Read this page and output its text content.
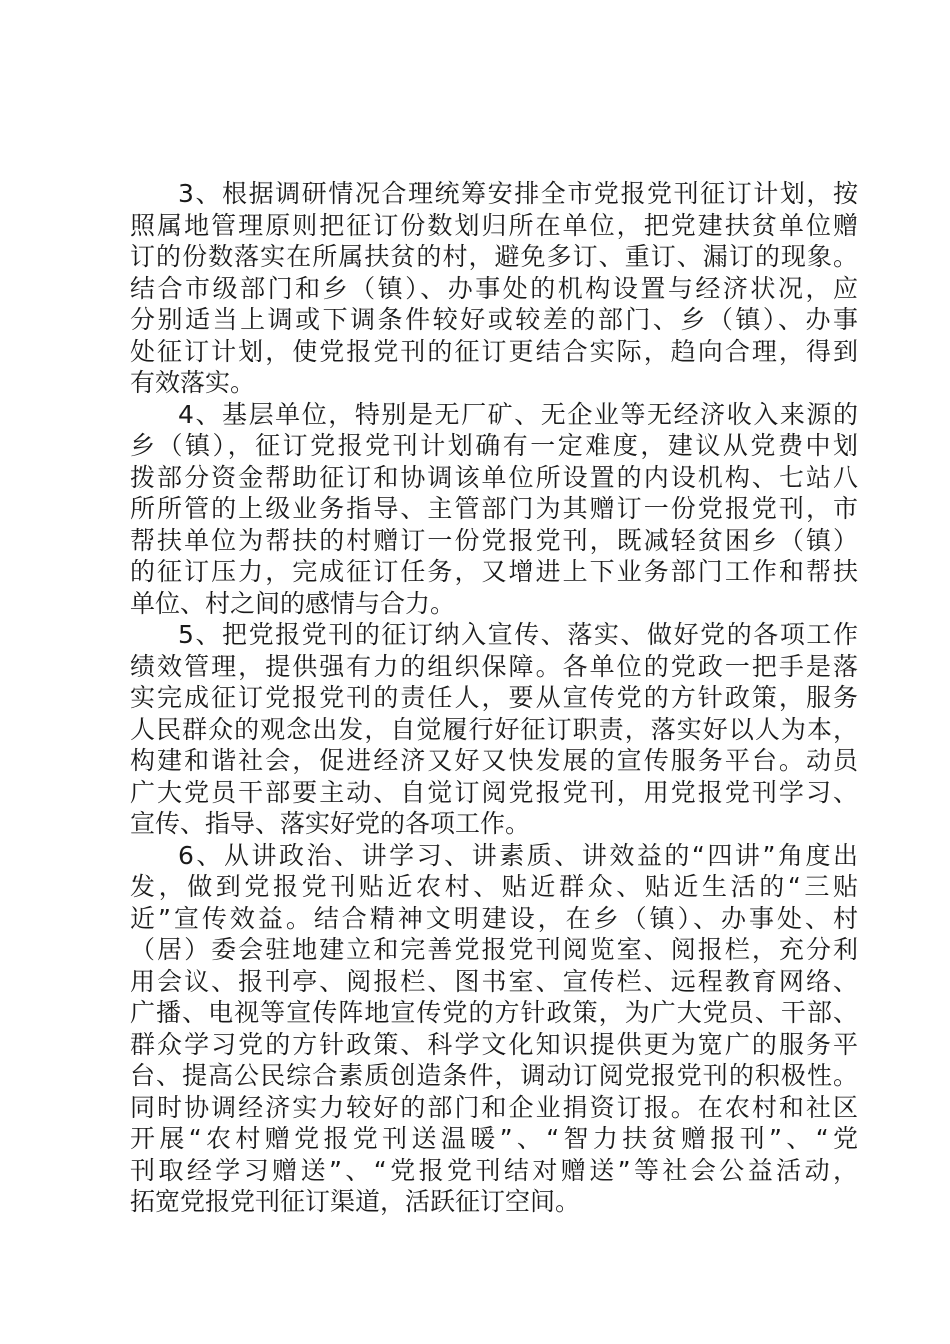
3、根据调研情况合理统筹安排全市党报党刊征订计划，按
照属地管理原则把征订份数划归所在单位，把党建扶贫单位赠
订的份数落实在所属扶贫的村，避免多订、重订、漏订的现象。
结合市级部门和乡（镇）、办事处的机构设置与经济状况，应
分别适当上调或下调条件较好或较差的部门、乡（镇）、办事
处征订计划，使党报党刊的征订更结合实际，趋向合理，得到
有效落实。
4、基层单位，特别是无厂矿、无企业等无经济收入来源的
乡（镇），征订党报党刊计划确有一定难度，建议从党费中划
拨部分资金帮助征订和协调该单位所设置的内设机构、七站八
所所管的上级业务指导、主管部门为其赠订一份党报党刊，市
帮扶单位为帮扶的村赠订一份党报党刊，既减轻贫困乡（镇）
的征订压力，完成征订任务，又增进上下业务部门工作和帮扶
单位、村之间的感情与合力。
5、把党报党刊的征订纳入宣传、落实、做好党的各项工作
绩效管理，提供强有力的组织保障。各单位的党政一把手是落
实完成征订党报党刊的责任人，要从宣传党的方针政策，服务
人民群众的观念出发，自觉履行好征订职责，落实好以人为本，
构建和谐社会，促进经济又好又快发展的宣传服务平台。动员
广大党员干部要主动、自觉订阅党报党刊，用党报党刊学习、
宣传、指导、落实好党的各项工作。
6、从讲政治、讲学习、讲素质、讲效益的“四讲”角度出
发，做到党报党刊贴近农村、贴近群众、贴近生活的“三贴
近”宣传效益。结合精神文明建设，在乡（镇）、办事处、村
（居）委会驻地建立和完善党报党刊阅览室、阅报栏，充分利
用会议、报刊亭、阅报栏、图书室、宣传栏、远程教育网络、
广播、电视等宣传阵地宣传党的方针政策，为广大党员、干部、
群众学习党的方针政策、科学文化知识提供更为宽广的服务平
台、提高公民综合素质创造条件，调动订阅党报党刊的积极性。
同时协调经济实力较好的部门和企业捐资订报。在农村和社区
开展“农村赠党报党刊送温暖”、“智力扶贫赠报刊”、“党
刊取经学习赠送”、“党报党刊结对赠送”等社会公益活动，
拓宽党报党刊征订渠道，活跃征订空间。
